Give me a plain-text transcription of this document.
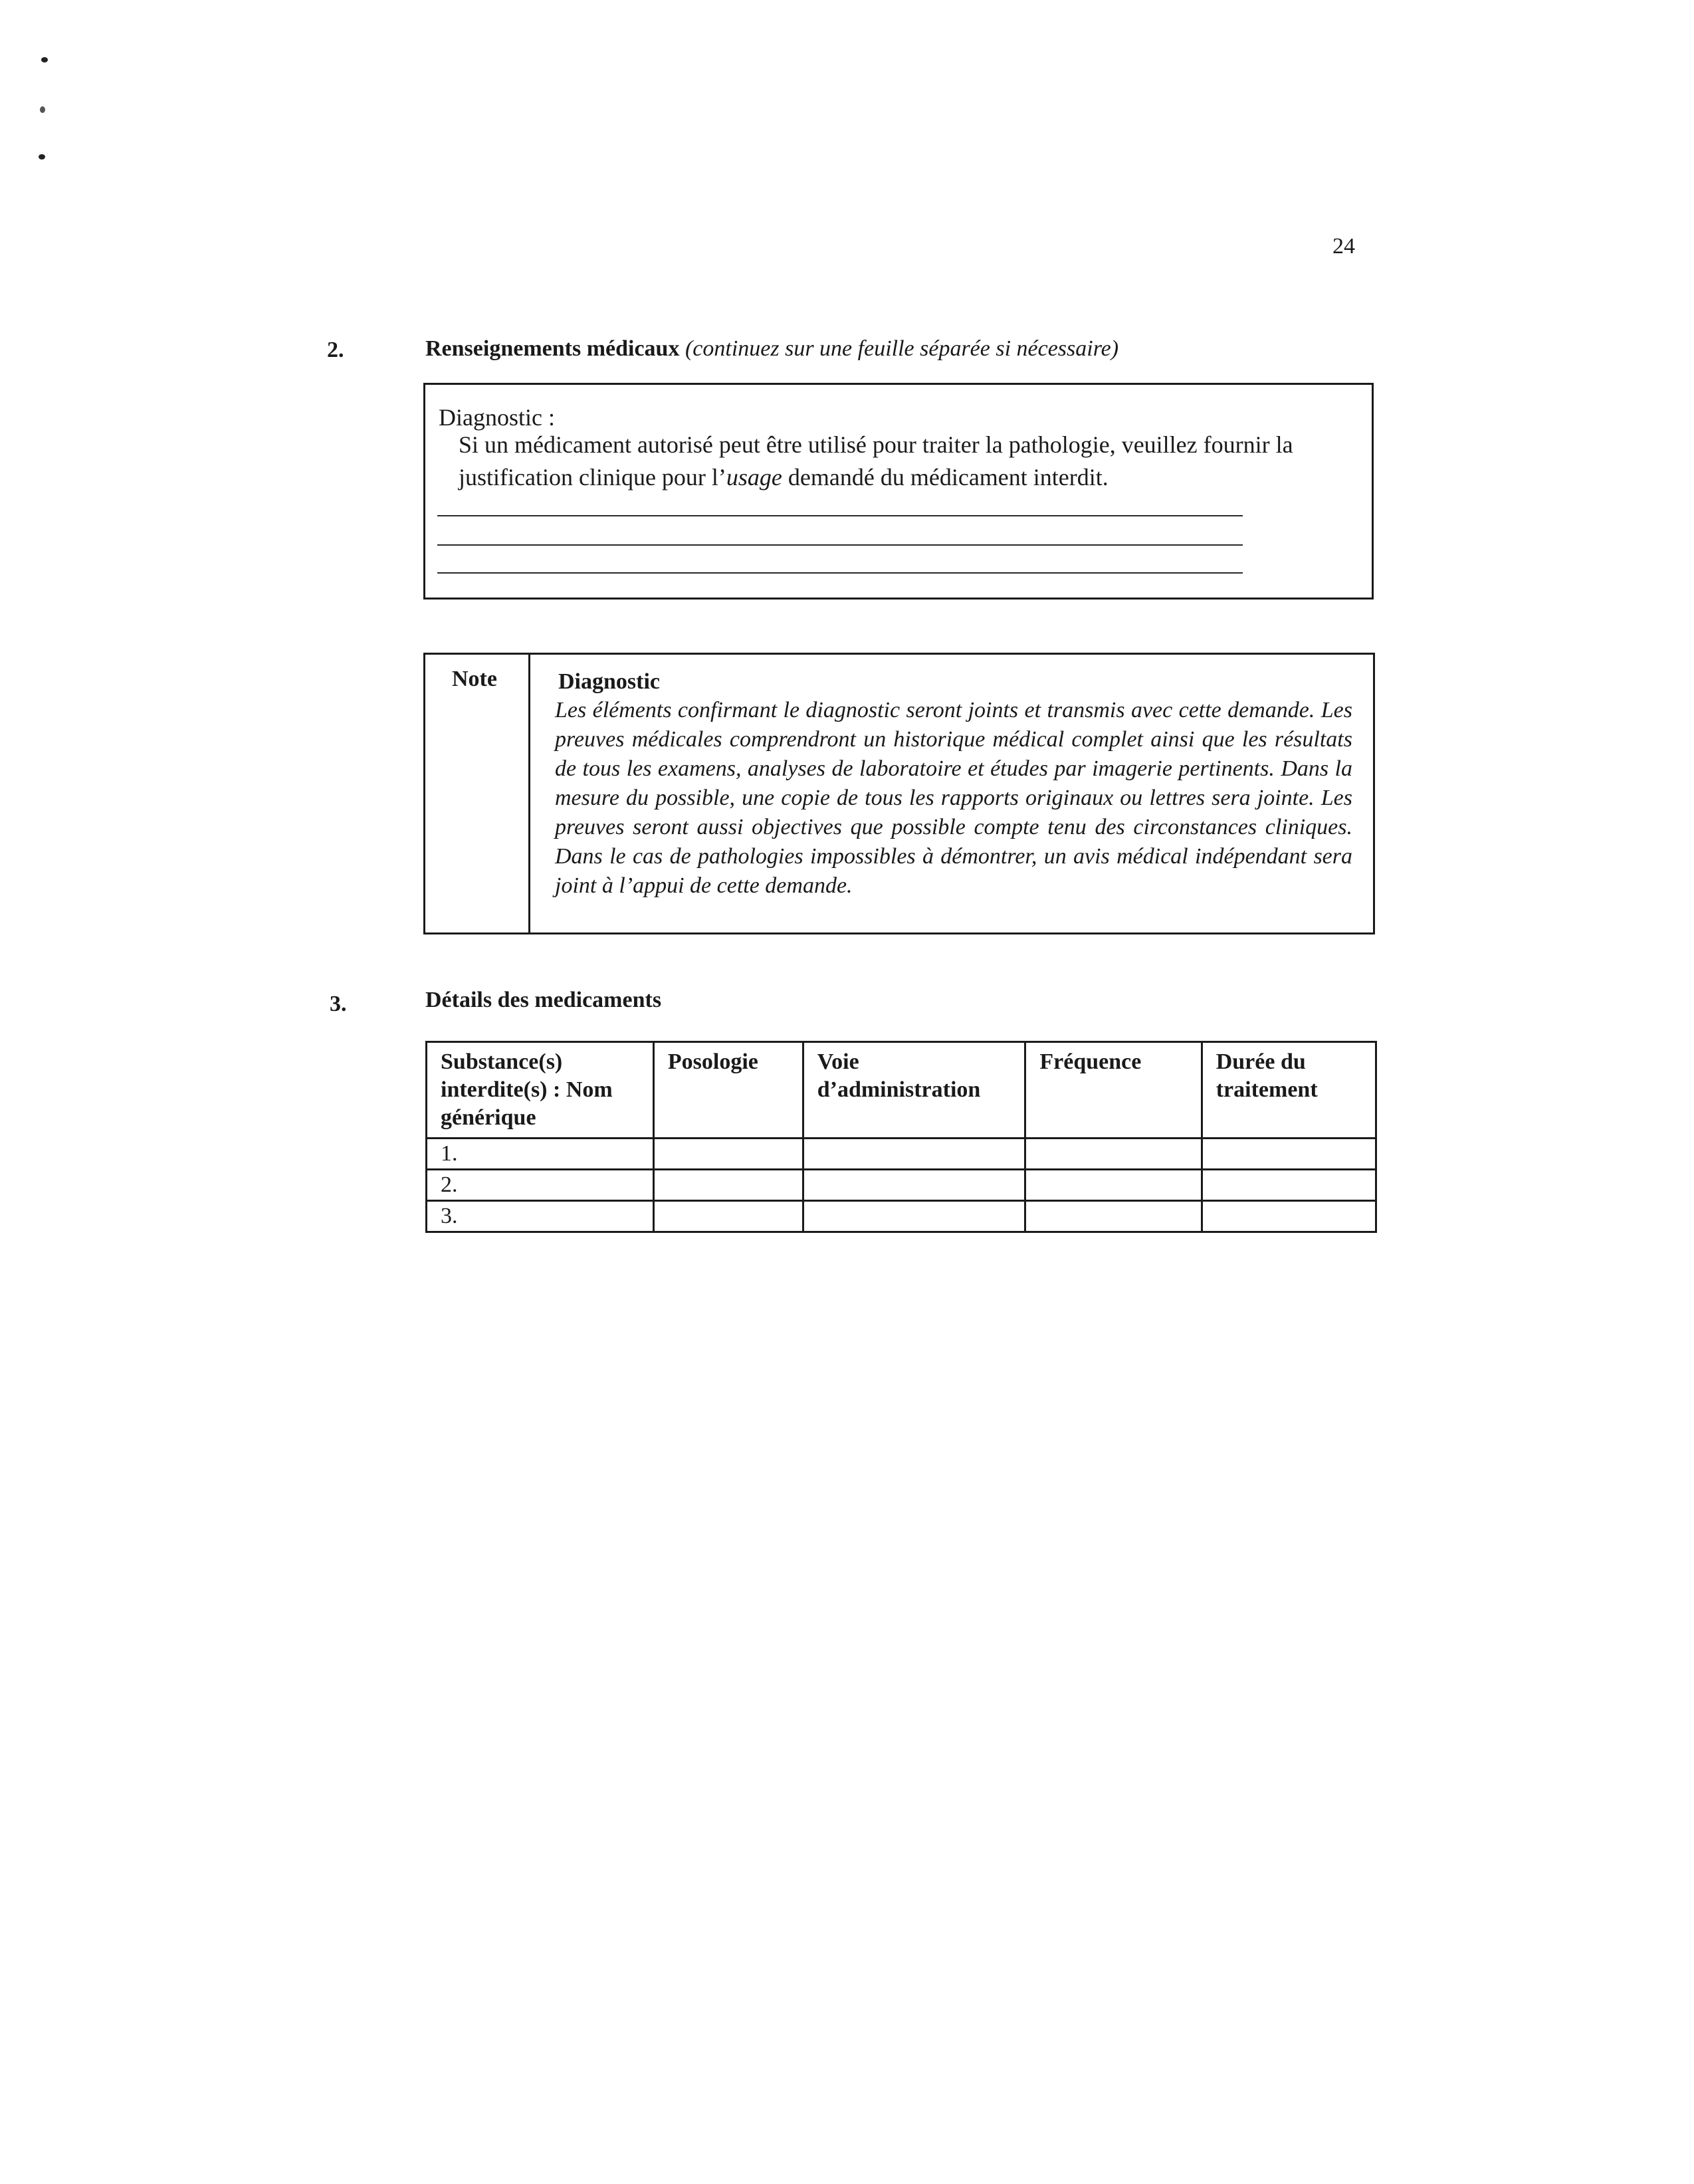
24
2.	Renseignements médicaux (continuez sur une feuille séparée si nécessaire)
Diagnostic :
Si un médicament autorisé peut être utilisé pour traiter la pathologie, veuillez fournir la justification clinique pour l’usage demandé du médicament interdit.
Note	Diagnostic
Les éléments confirmant le diagnostic seront joints et transmis avec cette demande. Les preuves médicales comprendront un historique médical complet ainsi que les résultats de tous les examens, analyses de laboratoire et études par imagerie pertinents. Dans la mesure du possible, une copie de tous les rapports originaux ou lettres sera jointe. Les preuves seront aussi objectives que possible compte tenu des circonstances cliniques. Dans le cas de pathologies impossibles à démontrer, un avis médical indépendant sera joint à l’appui de cette demande.
3.	Détails des medicaments
Substance(s) interdite(s) : Nom générique	Posologie	Voie d’administration	Fréquence	Durée du traitement
1.				
2.				
3.				
